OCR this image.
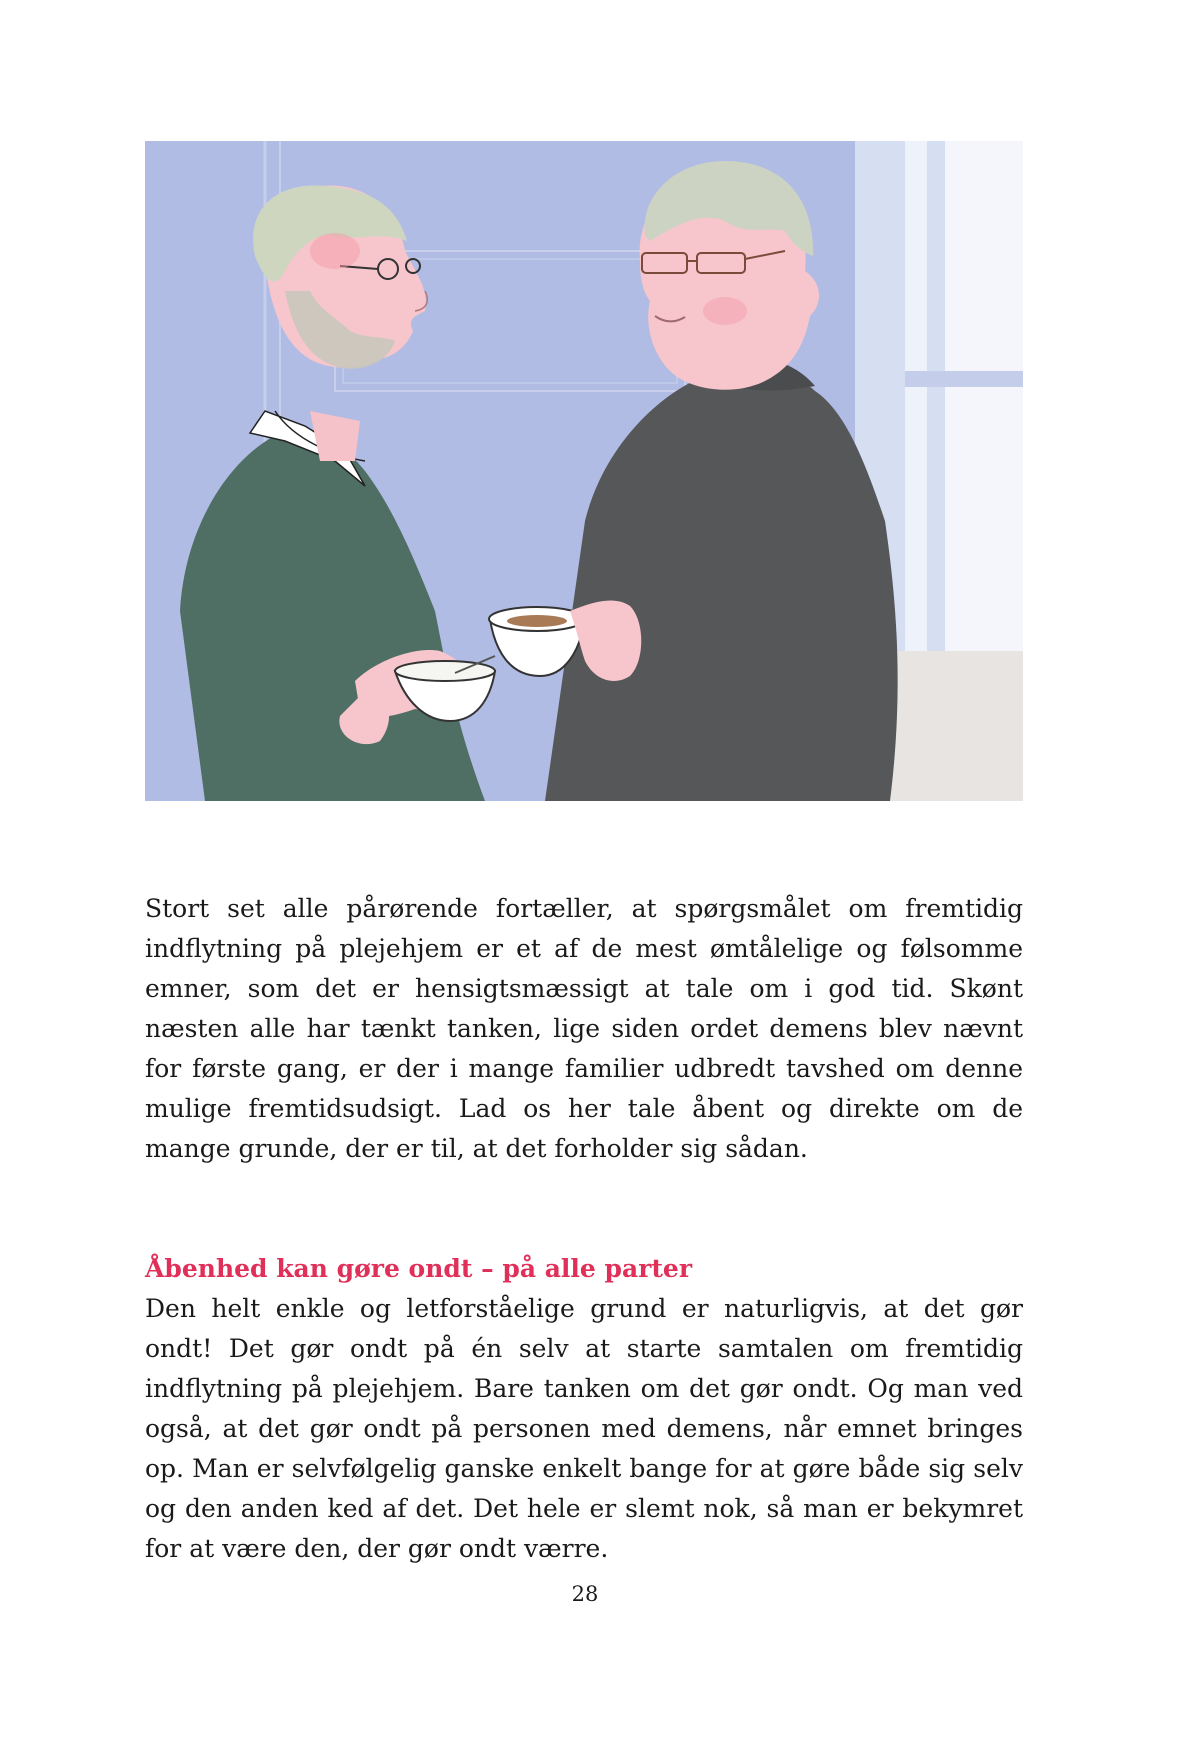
Stort set alle pårørende fortæller, at spørgsmålet om fremtidig indflytning på plejehjem er et af de mest ømtålelige og følsomme emner, som det er hensigtsmæssigt at tale om i god tid. Skønt næsten alle har tænkt tanken, lige siden ordet demens blev nævnt for første gang, er der i mange familier udbredt tavshed om denne mulige fremtidsudsigt. Lad os her tale åbent og direkte om de mange grunde, der er til, at det forholder sig sådan.

Åbenhed kan gøre ondt – på alle parter

Den helt enkle og letforståelige grund er naturligvis, at det gør ondt! Det gør ondt på én selv at starte samtalen om fremtidig indflytning på plejehjem. Bare tanken om det gør ondt. Og man ved også, at det gør ondt på personen med demens, når emnet bringes op. Man er selvfølgelig ganske enkelt bange for at gøre både sig selv og den anden ked af det. Det hele er slemt nok, så man er bekymret for at være den, der gør ondt værre.

28
